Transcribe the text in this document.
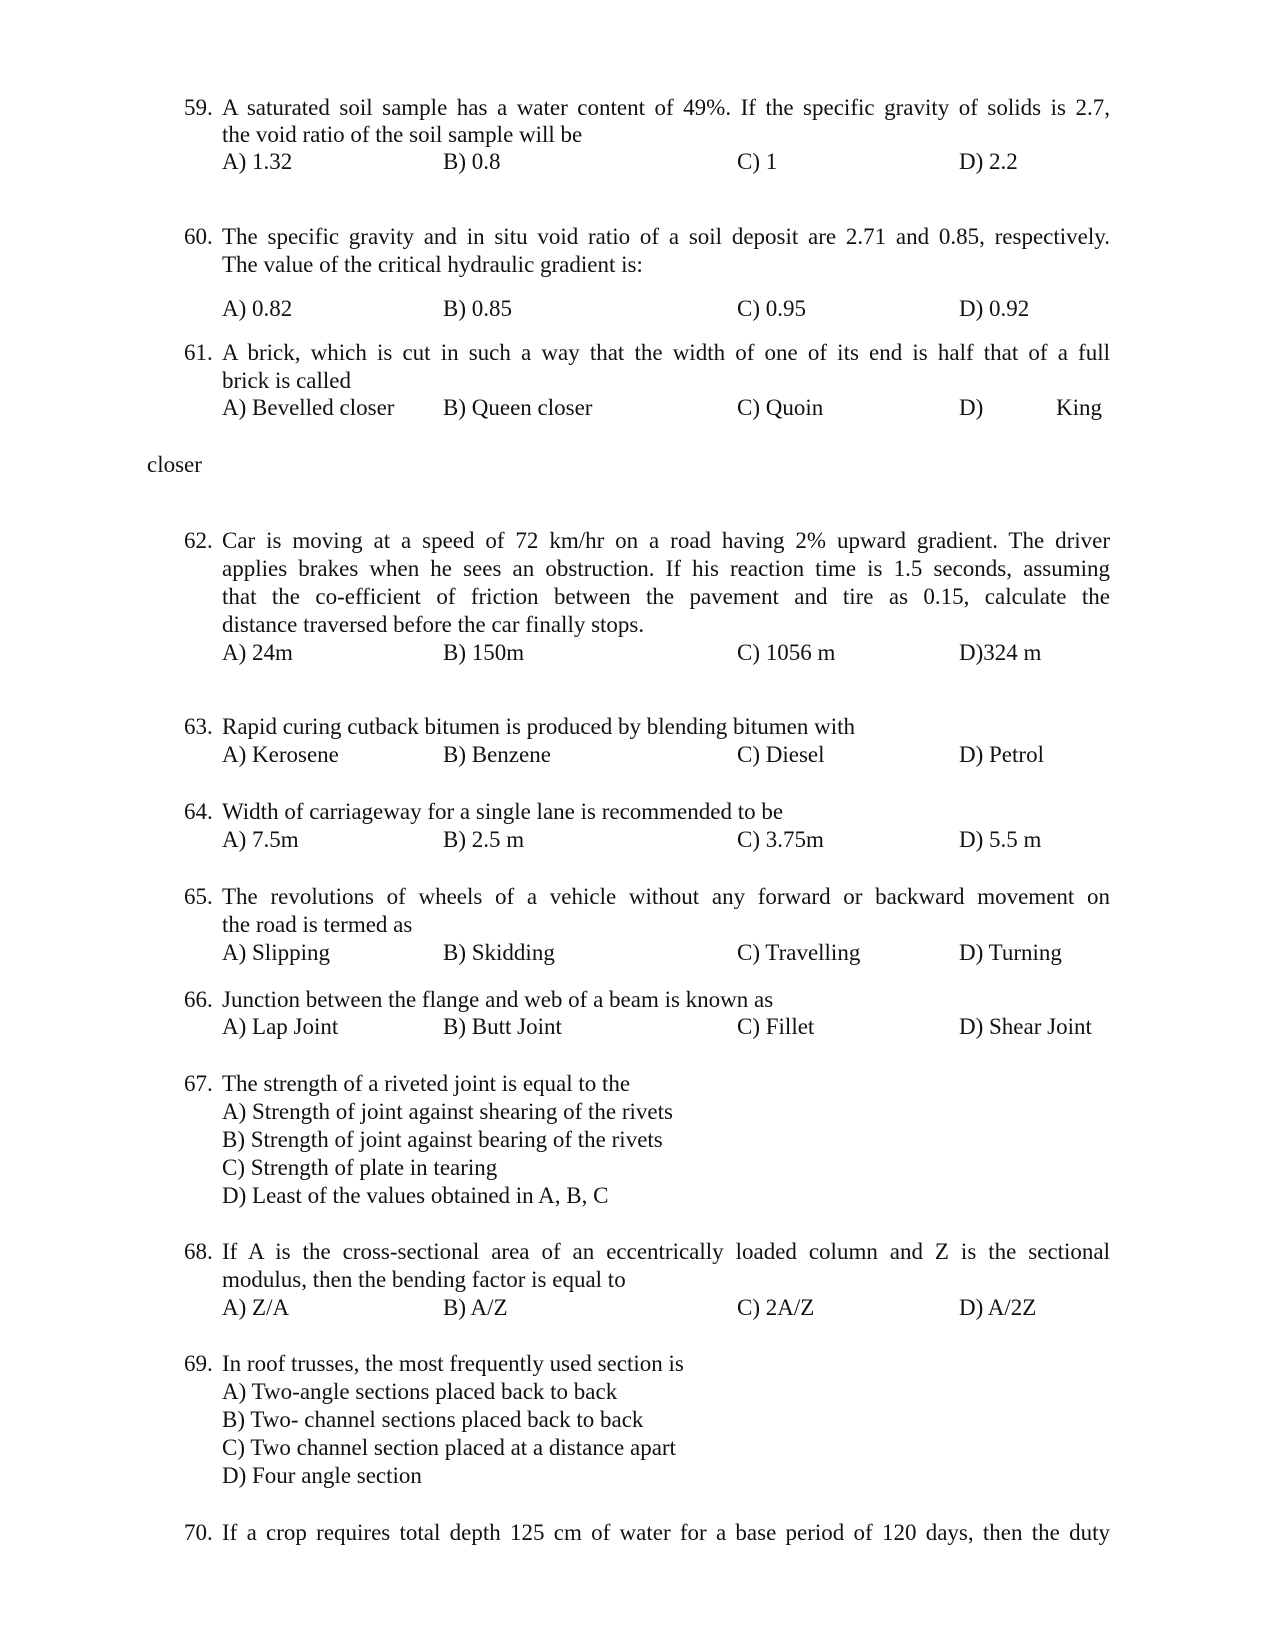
59. A saturated soil sample has a water content of 49%. If the specific gravity of solids is 2.7,
the void ratio of the soil sample will be
A) 1.32	B) 0.8	C) 1	D) 2.2
60. The specific gravity and in situ void ratio of a soil deposit are 2.71 and 0.85, respectively.
The value of the critical hydraulic gradient is:
A) 0.82	B) 0.85	C) 0.95	D) 0.92
61. A brick, which is cut in such a way that the width of one of its end is half that of a full
brick is called
A) Bevelled closer B) Queen closer	C) Quoin	D)	King
closer
62. Car is moving at a speed of 72 km/hr on a road having 2% upward gradient. The driver
applies brakes when he sees an obstruction. If his reaction time is 1.5 seconds, assuming
that the co-efficient of friction between the pavement and tire as 0.15, calculate the
distance traversed before the car finally stops.
A) 24m	B) 150m	C) 1056 m	D)324 m
63. Rapid curing cutback bitumen is produced by blending bitumen with
A) Kerosene	B) Benzene	C) Diesel	D) Petrol
64. Width of carriageway for a single lane is recommended to be
A) 7.5m	B) 2.5 m	C) 3.75m	D) 5.5 m
65. The revolutions of wheels of a vehicle without any forward or backward movement on
the road is termed as
A) Slipping	B) Skidding	C) Travelling	D) Turning
66. Junction between the flange and web of a beam is known as
A) Lap Joint	B) Butt Joint	C) Fillet	D) Shear Joint
67. The strength of a riveted joint is equal to the
A) Strength of joint against shearing of the rivets
B) Strength of joint against bearing of the rivets
C) Strength of plate in tearing
D) Least of the values obtained in A, B, C
68. If A is the cross-sectional area of an eccentrically loaded column and Z is the sectional
modulus, then the bending factor is equal to
A) Z/A	B) A/Z	C) 2A/Z	D) A/2Z
69. In roof trusses, the most frequently used section is
A) Two-angle sections placed back to back
B) Two- channel sections placed back to back
C) Two channel section placed at a distance apart
D) Four angle section
70. If a crop requires total depth 125 cm of water for a base period of 120 days, then the duty
